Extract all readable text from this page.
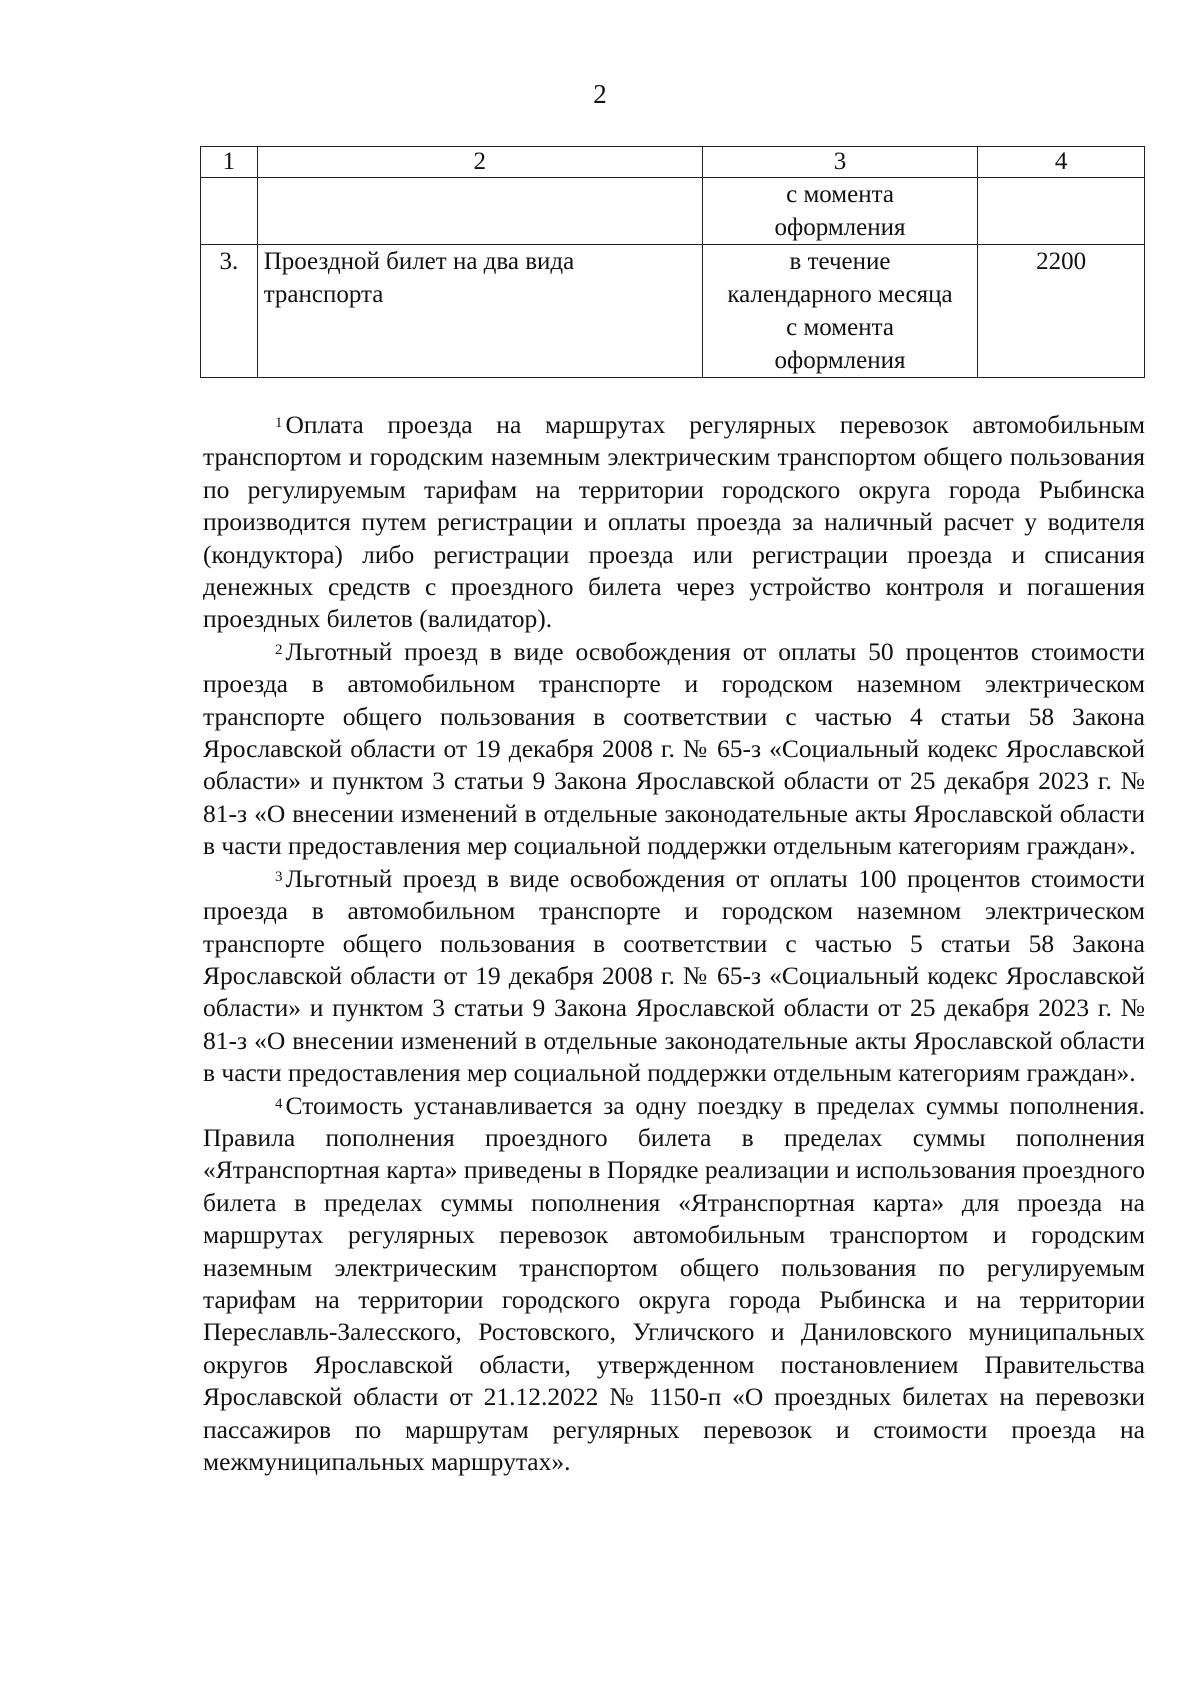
2
1	2	3	4

		с момента
оформления	

3.	Проездной билет на два вида
транспорта	в течение
календарного месяца
с момента
оформления	2200

$^1$ Оплата проезда на маршрутах регулярных перевозок автомобильным транспортом и городским наземным электрическим транспортом общего пользования по регулируемым тарифам на территории городского округа города Рыбинска производится путем регистрации и оплаты проезда за наличный расчет у водителя (кондуктора) либо регистрации проезда или регистрации проезда и списания денежных средств с проездного билета через устройство контроля и погашения проездных билетов (валидатор).

$^2$ Льготный проезд в виде освобождения от оплаты 50 процентов стоимости проезда в автомобильном транспорте и городском наземном электрическом транспорте общего пользования в соответствии с частью 4 статьи 58 Закона Ярославской области от 19 декабря 2008 г. № 65-з «Социальный кодекс Ярославской области» и пунктом 3 статьи 9 Закона Ярославской области от 25 декабря 2023 г. № 81-з «О внесении изменений в отдельные законодательные акты Ярославской области в части предоставления мер социальной поддержки отдельным категориям граждан».

$^3$ Льготный проезд в виде освобождения от оплаты 100 процентов стоимости проезда в автомобильном транспорте и городском наземном электрическом транспорте общего пользования в соответствии с частью 5 статьи 58 Закона Ярославской области от 19 декабря 2008 г. № 65-з «Социальный кодекс Ярославской области» и пунктом 3 статьи 9 Закона Ярославской области от 25 декабря 2023 г. № 81-з «О внесении изменений в отдельные законодательные акты Ярославской области в части предоставления мер социальной поддержки отдельным категориям граждан».

$^4$ Стоимость устанавливается за одну поездку в пределах суммы пополнения. Правила пополнения проездного билета в пределах суммы пополнения «Ятранспортная карта» приведены в Порядке реализации и использования проездного билета в пределах суммы пополнения «Ятранспортная карта» для проезда на маршрутах регулярных перевозок автомобильным транспортом и городским наземным электрическим транспортом общего пользования по регулируемым тарифам на территории городского округа города Рыбинска и на территории Переславль-Залесского, Ростовского, Угличского и Даниловского муниципальных округов Ярославской области, утвержденном постановлением Правительства Ярославской области от 21.12.2022 № 1150-п «О проездных билетах на перевозки пассажиров по маршрутам регулярных перевозок и стоимости проезда на межмуниципальных маршрутах».
